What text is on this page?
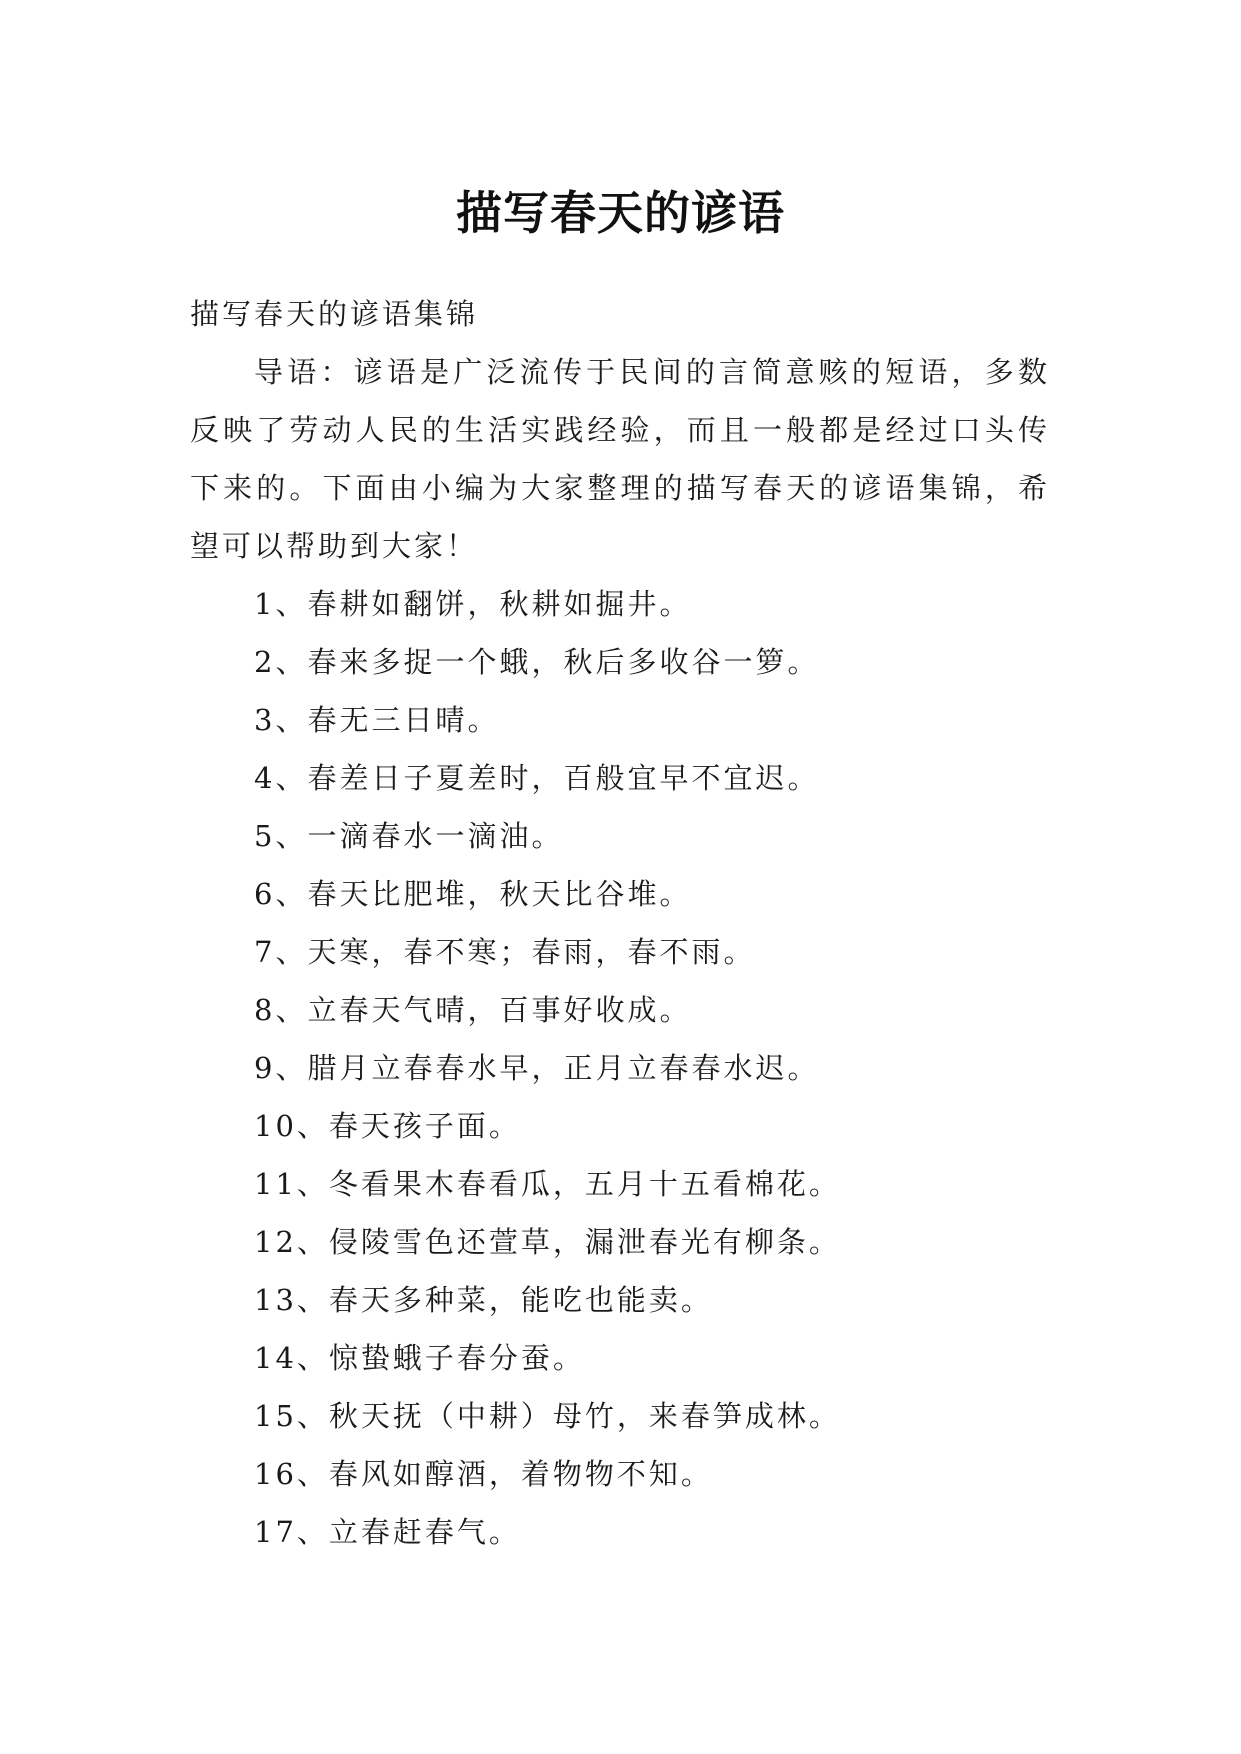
描写春天的谚语

描写春天的谚语集锦

导语：谚语是广泛流传于民间的言简意赅的短语，多数反映了劳动人民的生活实践经验，而且一般都是经过口头传下来的。下面由小编为大家整理的描写春天的谚语集锦，希望可以帮助到大家！

1、春耕如翻饼，秋耕如掘井。
2、春来多捉一个蛾，秋后多收谷一箩。
3、春无三日晴。
4、春差日子夏差时，百般宜早不宜迟。
5、一滴春水一滴油。
6、春天比肥堆，秋天比谷堆。
7、天寒，春不寒；春雨，春不雨。
8、立春天气晴，百事好收成。
9、腊月立春春水早，正月立春春水迟。
10、春天孩子面。
11、冬看果木春看瓜，五月十五看棉花。
12、侵陵雪色还萱草，漏泄春光有柳条。
13、春天多种菜，能吃也能卖。
14、惊蛰蛾子春分蚕。
15、秋天抚（中耕）母竹，来春笋成林。
16、春风如醇酒，着物物不知。
17、立春赶春气。
